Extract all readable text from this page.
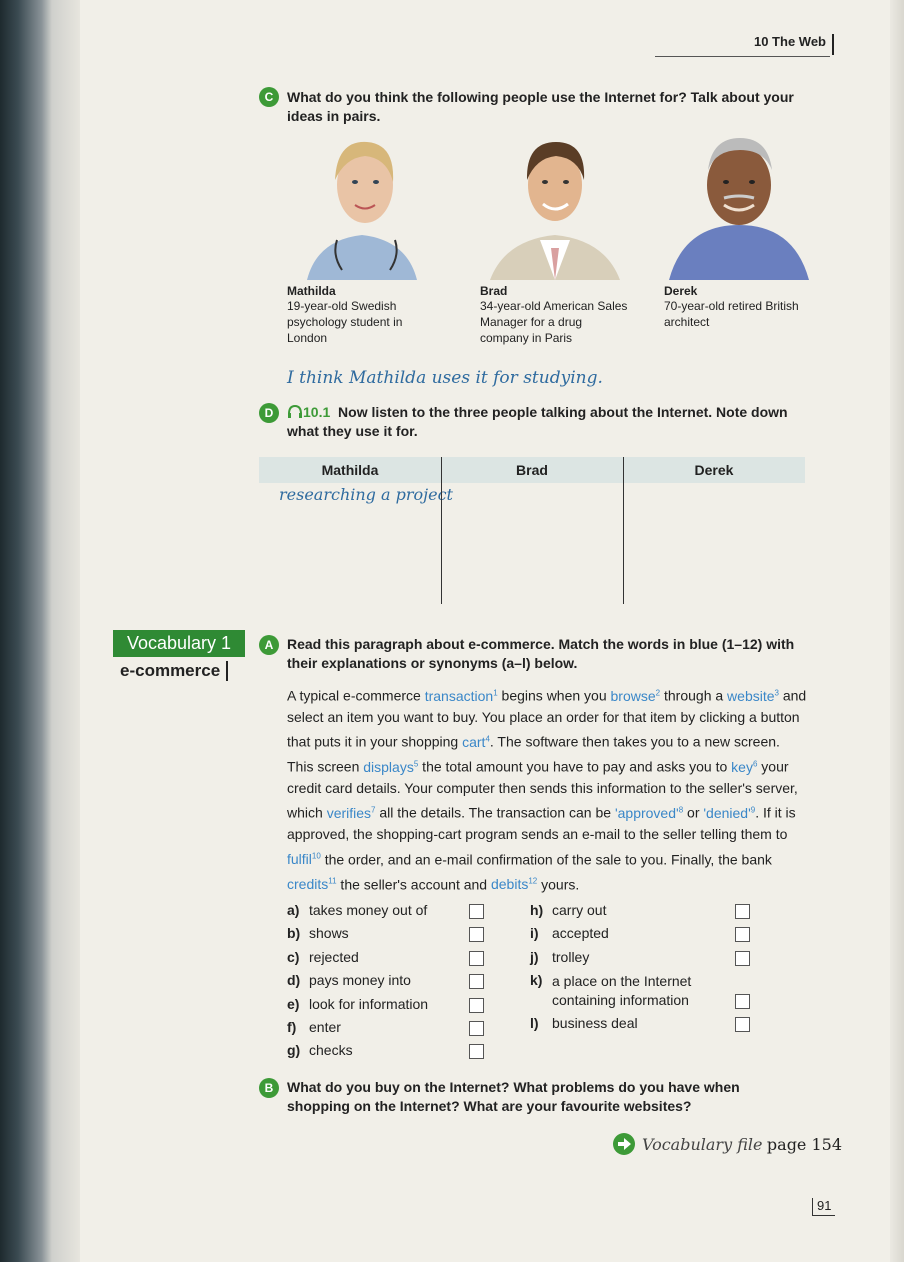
10 The Web
C What do you think the following people use the Internet for? Talk about your ideas in pairs.
Mathilda
19-year-old Swedish psychology student in London
Brad
34-year-old American Sales Manager for a drug company in Paris
Derek
70-year-old retired British architect
I think Mathilda uses it for studying.
D	10.1 Now listen to the three people talking about the Internet. Note down what they use it for.
Mathilda	Brad	Derek
researching a project
Vocabulary 1
e-commerce
A Read this paragraph about e-commerce. Match the words in blue (1–12) with their explanations or synonyms (a–l) below.
A typical e-commerce transaction$^1$ begins when you browse$^2$ through a website$^3$ and select an item you want to buy. You place an order for that item by clicking a button that puts it in your shopping cart$^4$. The software then takes you to a new screen. This screen displays$^5$ the total amount you have to pay and asks you to key$^6$ your credit card details. Your computer then sends this information to the seller's server, which verifies$^7$ all the details. The transaction can be '$approved'^8$ or '$denied'^9$. If it is approved, the shopping-cart program sends an e-mail to the seller telling them to fulfil$^{10}$ the order, and an e-mail confirmation of the sale to you. Finally, the bank credits$^{11}$ the seller's account and debits$^{12}$ yours.
a) takes money out of
b) shows
c) rejected
d) pays money into
e) look for information
f) enter
g) checks
h) carry out
i) accepted
j) trolley
k) a place on the Internet containing information
l) business deal
B What do you buy on the Internet? What problems do you have when shopping on the Internet? What are your favourite websites?
Vocabulary file page 154
91
